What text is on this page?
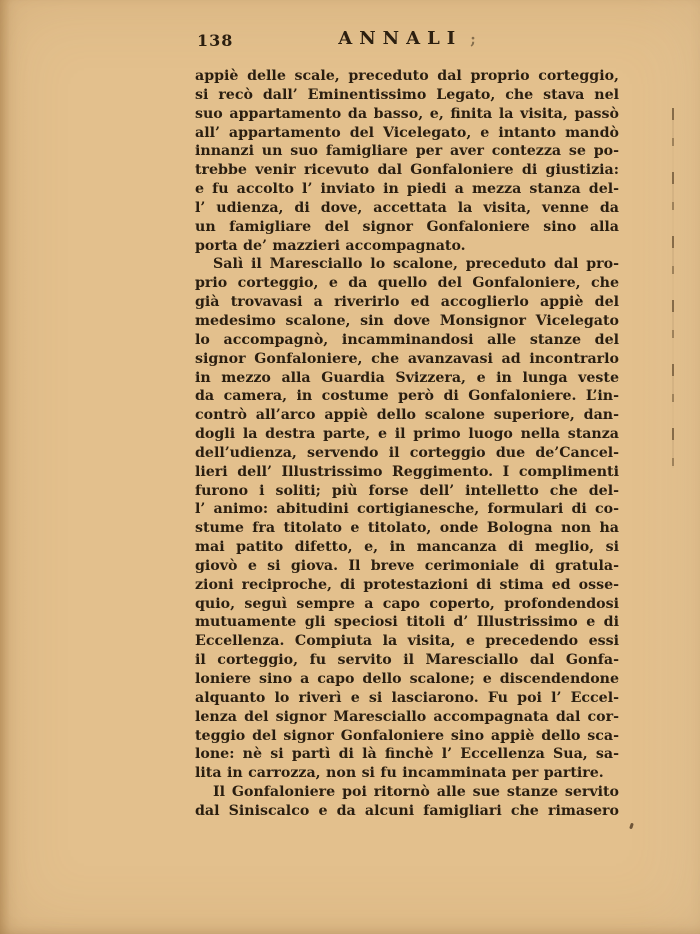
138	ANNALI ;
appiè delle scale, preceduto dal proprio corteggio,
si recò dall’ Eminentissimo Legato, che stava nel
suo appartamento da basso, e, finita la visita, passò
all’ appartamento del Vicelegato, e intanto mandò
innanzi un suo famigliare per aver contezza se po-
trebbe venir ricevuto dal Gonfaloniere di giustizia:
e fu accolto l’ inviato in piedi a mezza stanza del-
l’ udienza, di dove, accettata la visita, venne da
un famigliare del signor Gonfaloniere sino alla
porta de’ mazzieri accompagnato.
Salì il Maresciallo lo scalone, preceduto dal pro-
prio corteggio, e da quello del Gonfaloniere, che
già trovavasi a riverirlo ed accoglierlo appiè del
medesimo scalone, sin dove Monsignor Vicelegato
lo accompagnò, incamminandosi alle stanze del
signor Gonfaloniere, che avanzavasi ad incontrarlo
in mezzo alla Guardia Svizzera, e in lunga veste
da camera, in costume però di Gonfaloniere. L’in-
contrò all’arco appiè dello scalone superiore, dan-
dogli la destra parte, e il primo luogo nella stanza
dell’udienza, servendo il corteggio due de’Cancel-
lieri dell’ Illustrissimo Reggimento. I complimenti
furono i soliti; più forse dell’ intelletto che del-
l’ animo: abitudini cortigianesche, formulari di co-
stume fra titolato e titolato, onde Bologna non ha
mai patito difetto, e, in mancanza di meglio, si
giovò e si giova. Il breve cerimoniale di gratula-
zioni reciproche, di protestazioni di stima ed osse-
quio, seguì sempre a capo coperto, profondendosi
mutuamente gli speciosi titoli d’ Illustrissimo e di
Eccellenza. Compiuta la visita, e precedendo essi
il corteggio, fu servito il Maresciallo dal Gonfa-
loniere sino a capo dello scalone; e discendendone
alquanto lo riverì e si lasciarono. Fu poi l’ Eccel-
lenza del signor Maresciallo accompagnata dal cor-
teggio del signor Gonfaloniere sino appiè dello sca-
lone: nè si partì di là finchè l’ Eccellenza Sua, sa-
lita in carrozza, non si fu incamminata per partire.
Il Gonfaloniere poi ritornò alle sue stanze servito
dal Siniscalco e da alcuni famigliari che rimasero
